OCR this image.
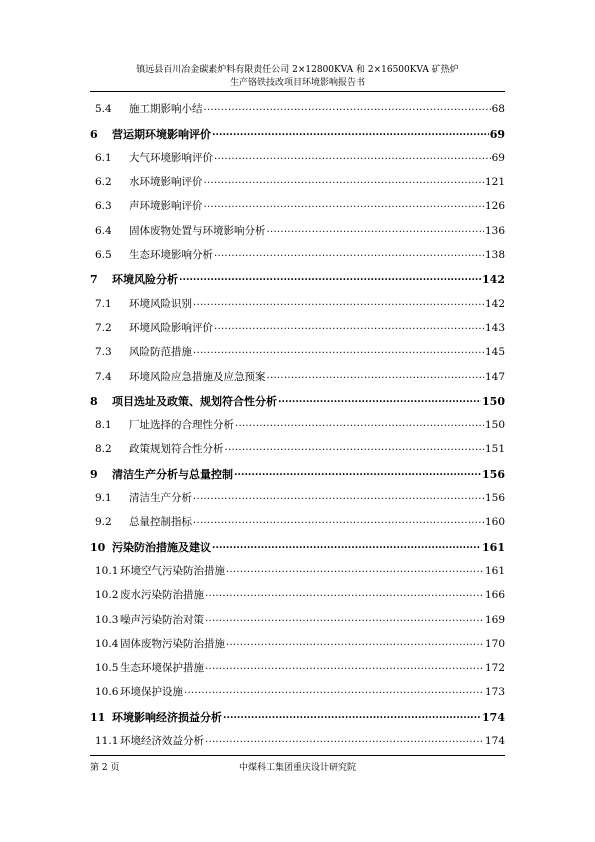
镇远县百川冶金碳素炉料有限责任公司 2×12800KVA 和 2×16500KVA 矿热炉
生产铬铁技改项目环境影响报告书
5.4	施工期影响小结 .....	68
6	营运期环境影响评价 .....	69
6.1	大气环境影响评价 .....	69
6.2	水环境影响评价 .....	121
6.3	声环境影响评价 .....	126
6.4	固体废物处置与环境影响分析 .....	136
6.5	生态环境影响分析 .....	138
7	环境风险分析 .....	142
7.1	环境风险识别 .....	142
7.2	环境风险影响评价 .....	143
7.3	风险防范措施 .....	145
7.4	环境风险应急措施及应急预案 .....	147
8	项目选址及政策、规划符合性分析 .....	150
8.1	厂址选择的合理性分析 .....	150
8.2	政策规划符合性分析 .....	151
9	清洁生产分析与总量控制 .....	156
9.1	清洁生产分析 .....	156
9.2	总量控制指标 .....	160
10 污染防治措施及建议 .....	161
10.1 环境空气污染防治措施 .....	161
10.2 废水污染防治措施 .....	166
10.3 噪声污染防治对策 .....	169
10.4 固体废物污染防治措施 .....	170
10.5 生态环境保护措施 .....	172
10.6 环境保护设施 .....	173
11 环境影响经济损益分析 .....	174
11.1 环境经济效益分析 .....	174
第 2 页	中煤科工集团重庆设计研究院
